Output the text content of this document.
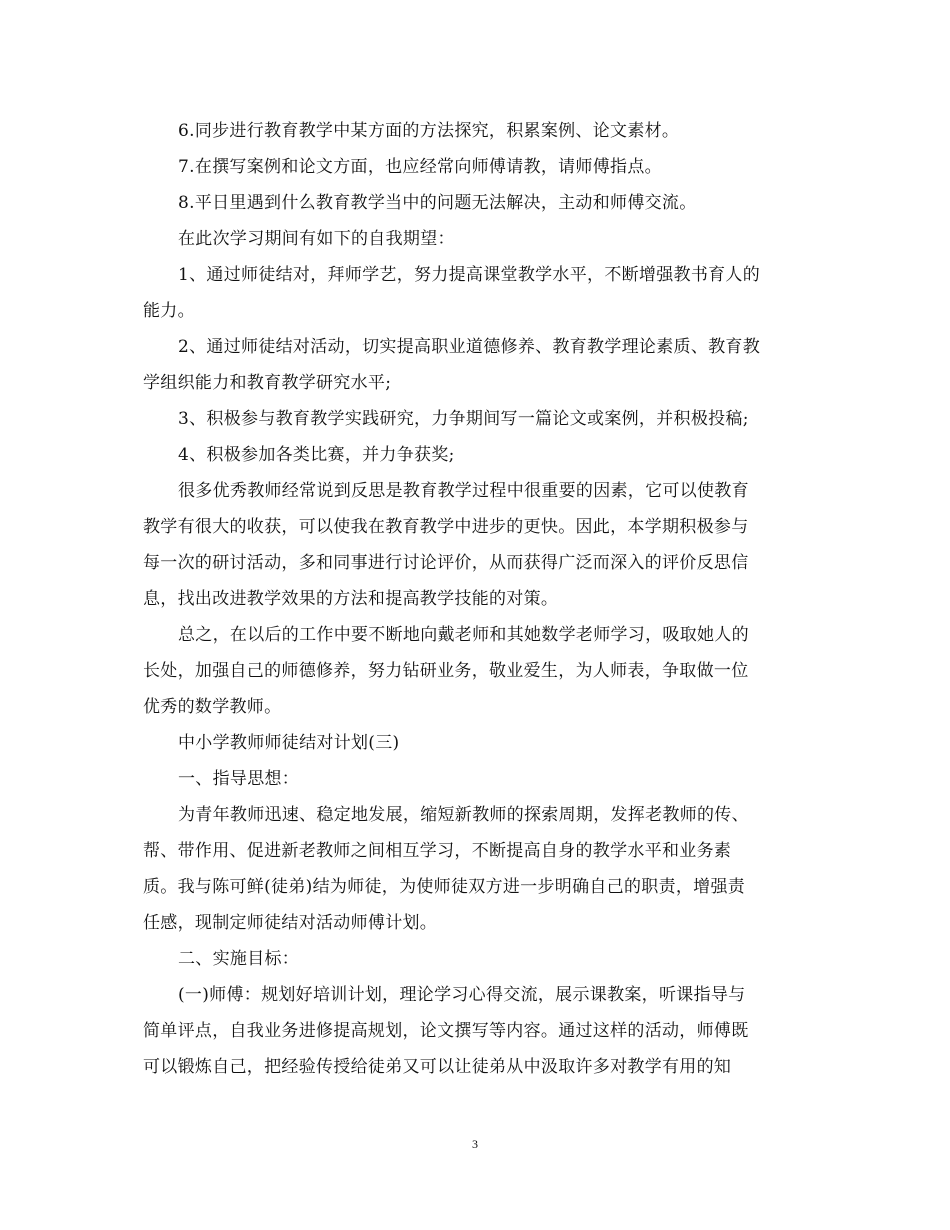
6.同步进行教育教学中某方面的方法探究，积累案例、论文素材。
7.在撰写案例和论文方面，也应经常向师傅请教，请师傅指点。
8.平日里遇到什么教育教学当中的问题无法解决，主动和师傅交流。
在此次学习期间有如下的自我期望：
1、通过师徒结对，拜师学艺，努力提高课堂教学水平，不断增强教书育人的
能力。
2、通过师徒结对活动，切实提高职业道德修养、教育教学理论素质、教育教
学组织能力和教育教学研究水平;
3、积极参与教育教学实践研究，力争期间写一篇论文或案例，并积极投稿;
4、积极参加各类比赛，并力争获奖;
很多优秀教师经常说到反思是教育教学过程中很重要的因素，它可以使教育
教学有很大的收获，可以使我在教育教学中进步的更快。因此，本学期积极参与
每一次的研讨活动，多和同事进行讨论评价，从而获得广泛而深入的评价反思信
息，找出改进教学效果的方法和提高教学技能的对策。
总之，在以后的工作中要不断地向戴老师和其她数学老师学习，吸取她人的
长处，加强自己的师德修养，努力钻研业务，敬业爱生，为人师表，争取做一位
优秀的数学教师。
中小学教师师徒结对计划(三)
一、指导思想：
为青年教师迅速、稳定地发展，缩短新教师的探索周期，发挥老教师的传、
帮、带作用、促进新老教师之间相互学习，不断提高自身的教学水平和业务素
质。我与陈可鲜(徒弟)结为师徒，为使师徒双方进一步明确自己的职责，增强责
任感，现制定师徒结对活动师傅计划。
二、实施目标：
(一)师傅：规划好培训计划，理论学习心得交流，展示课教案，听课指导与
简单评点，自我业务进修提高规划，论文撰写等内容。通过这样的活动，师傅既
可以锻炼自己，把经验传授给徒弟又可以让徒弟从中汲取许多对教学有用的知
3
